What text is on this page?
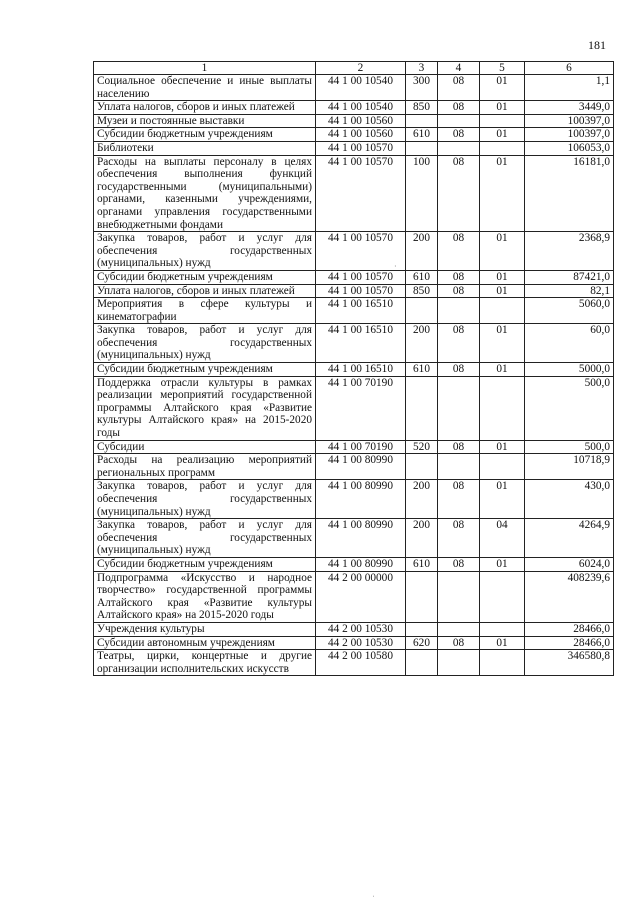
181
1	2	3	4	5	6
Социальное обеспечение и иные выплаты населению	44 1 00 10540	300	08	01	1,1
Уплата налогов, сборов и иных платежей	44 1 00 10540	850	08	01	3449,0
Музеи и постоянные выставки	44 1 00 10560				100397,0
Субсидии бюджетным учреждениям	44 1 00 10560	610	08	01	100397,0
Библиотеки	44 1 00 10570				106053,0
Расходы на выплаты персоналу в целях обеспечения выполнения функций государственными (муниципальными) органами, казенными учреждениями, органами управления государственными внебюджетными фондами	44 1 00 10570	100	08	01	16181,0
Закупка товаров, работ и услуг для обеспечения государственных (муниципальных) нужд	44 1 00 10570	200	08	01	2368,9
Субсидии бюджетным учреждениям	44 1 00 10570	610	08	01	87421,0
Уплата налогов, сборов и иных платежей	44 1 00 10570	850	08	01	82,1
Мероприятия в сфере культуры и кинематографии	44 1 00 16510				5060,0
Закупка товаров, работ и услуг для обеспечения государственных (муниципальных) нужд	44 1 00 16510	200	08	01	60,0
Субсидии бюджетным учреждениям	44 1 00 16510	610	08	01	5000,0
Поддержка отрасли культуры в рамках реализации мероприятий государственной программы Алтайского края «Развитие культуры Алтайского края» на 2015-2020 годы	44 1 00 70190				500,0
Субсидии	44 1 00 70190	520	08	01	500,0
Расходы на реализацию мероприятий региональных программ	44 1 00 80990				10718,9
Закупка товаров, работ и услуг для обеспечения государственных (муниципальных) нужд	44 1 00 80990	200	08	01	430,0
Закупка товаров, работ и услуг для обеспечения государственных (муниципальных) нужд	44 1 00 80990	200	08	04	4264,9
Субсидии бюджетным учреждениям	44 1 00 80990	610	08	01	6024,0
Подпрограмма «Искусство и народное творчество» государственной программы Алтайского края «Развитие культуры Алтайского края» на 2015-2020 годы	44 2 00 00000				408239,6
Учреждения культуры	44 2 00 10530				28466,0
Субсидии автономным учреждениям	44 2 00 10530	620	08	01	28466,0
Театры, цирки, концертные и другие организации исполнительских искусств	44 2 00 10580				346580,8
·
ˌ
